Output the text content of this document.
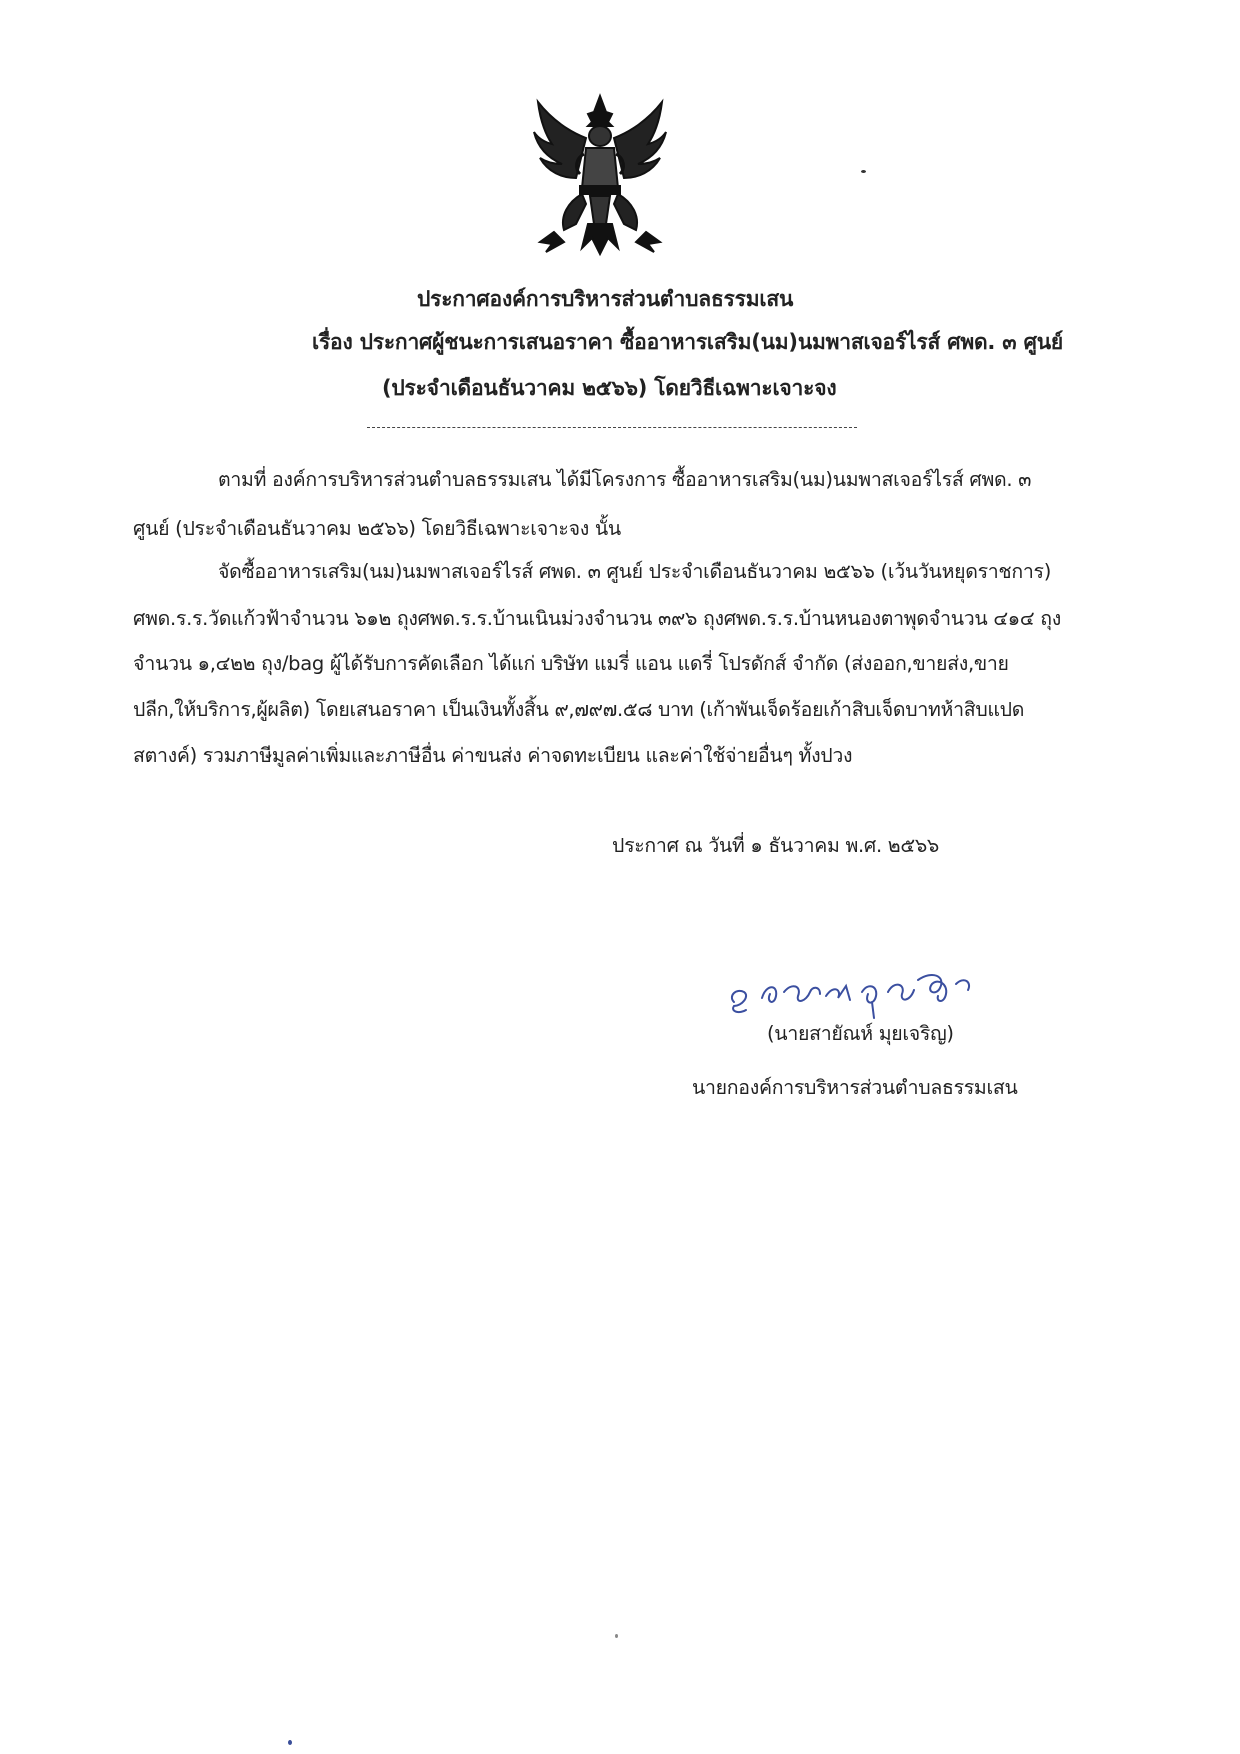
ประกาศองค์การบริหารส่วนตำบลธรรมเสน
เรื่อง ประกาศผู้ชนะการเสนอราคา ซื้ออาหารเสริม(นม)นมพาสเจอร์ไรส์ ศพด. ๓ ศูนย์
(ประจำเดือนธันวาคม ๒๕๖๖) โดยวิธีเฉพาะเจาะจง
ตามที่ องค์การบริหารส่วนตำบลธรรมเสน ได้มีโครงการ ซื้ออาหารเสริม(นม)นมพาสเจอร์ไรส์ ศพด. ๓
ศูนย์ (ประจำเดือนธันวาคม ๒๕๖๖) โดยวิธีเฉพาะเจาะจง นั้น
จัดซื้ออาหารเสริม(นม)นมพาสเจอร์ไรส์ ศพด. ๓ ศูนย์ ประจำเดือนธันวาคม ๒๕๖๖ (เว้นวันหยุดราชการ)
ศพด.ร.ร.วัดแก้วฟ้าจำนวน ๖๑๒ ถุงศพด.ร.ร.บ้านเนินม่วงจำนวน ๓๙๖ ถุงศพด.ร.ร.บ้านหนองตาพุดจำนวน ๔๑๔ ถุง
จำนวน ๑,๔๒๒ ถุง/bag ผู้ได้รับการคัดเลือก ได้แก่ บริษัท แมรี่ แอน แดรี่ โปรดักส์ จำกัด (ส่งออก,ขายส่ง,ขาย
ปลีก,ให้บริการ,ผู้ผลิต) โดยเสนอราคา เป็นเงินทั้งสิ้น ๙,๗๙๗.๕๘ บาท (เก้าพันเจ็ดร้อยเก้าสิบเจ็ดบาทห้าสิบแปด
สตางค์) รวมภาษีมูลค่าเพิ่มและภาษีอื่น ค่าขนส่ง ค่าจดทะเบียน และค่าใช้จ่ายอื่นๆ ทั้งปวง
ประกาศ ณ วันที่ ๑ ธันวาคม พ.ศ. ๒๕๖๖
(นายสายัณห์ มุยเจริญ)
นายกองค์การบริหารส่วนตำบลธรรมเสน
